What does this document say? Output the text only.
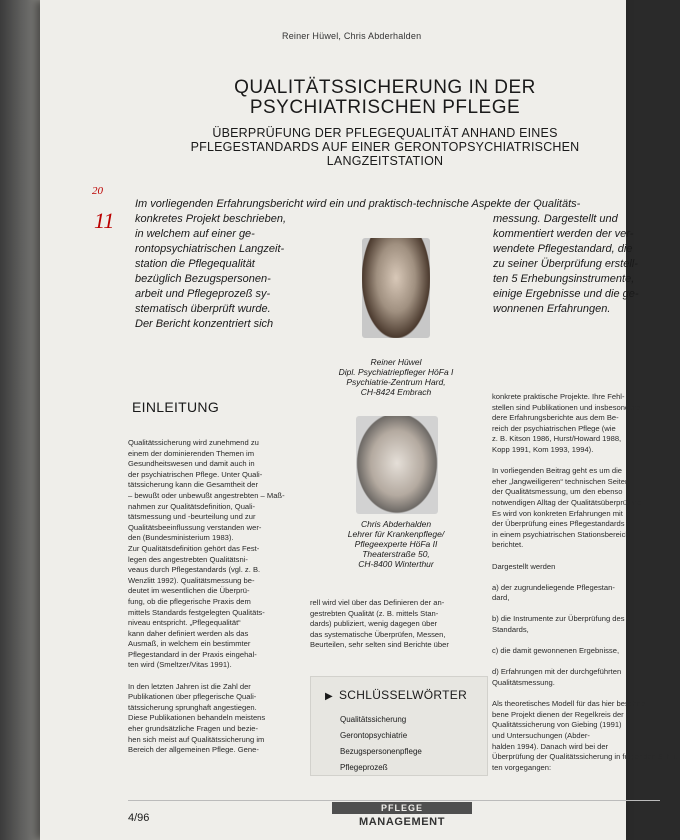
Reiner Hüwel, Chris Abderhalden
QUALITÄTSSICHERUNG IN DER
PSYCHIATRISCHEN PFLEGE
ÜBERPRÜFUNG DER PFLEGEQUALITÄT ANHAND EINES
PFLEGESTANDARDS AUF EINER GERONTOPSYCHIATRISCHEN
LANGZEITSTATION
20
11
Im vorliegenden Erfahrungsbericht wird ein und praktisch-technische Aspekte der Qualitäts-
konkretes Projekt beschrieben,
in welchem auf einer ge-
rontopsychiatrischen Langzeit-
station die Pflegequalität
bezüglich Bezugspersonen-
arbeit und Pflegeprozeß sy-
stematisch überprüft wurde.
Der Bericht konzentriert sich
messung. Dargestellt und
kommentiert werden der ver-
wendete Pflegestandard, die
zu seiner Überprüfung erstell-
ten 5 Erhebungsinstrumente,
einige Ergebnisse und die ge-
wonnenen Erfahrungen.
Reiner Hüwel
Dipl. Psychiatriepfleger HöFa I
Psychiatrie-Zentrum Hard,
CH-8424 Embrach
Chris Abderhalden
Lehrer für Krankenpflege/
Pflegeexperte HöFa II
Theaterstraße 50,
CH-8400 Winterthur
EINLEITUNG
Qualitätssicherung wird zunehmend zu
einem der dominierenden Themen im
Gesundheitswesen und damit auch in
der psychiatrischen Pflege. Unter Quali-
tätssicherung kann die Gesamtheit der
– bewußt oder unbewußt angestrebten – Maß-
nahmen zur Qualitätsdefinition, Quali-
tätsmessung und -beurteilung und zur
Qualitätsbeeinflussung verstanden wer-
den (Bundesministerium 1983).
Zur Qualitätsdefinition gehört das Fest-
legen des angestrebten Qualitätsni-
veaus durch Pflegestandards (vgl. z. B.
Wenzlitt 1992). Qualitätsmessung be-
deutet im wesentlichen die Überprü-
fung, ob die pflegerische Praxis dem
mittels Standards festgelegten Qualitäts-
niveau entspricht. „Pflegequalität“
kann daher definiert werden als das
Ausmaß, in welchem ein bestimmter
Pflegestandard in der Praxis eingehal-
ten wird (Smeltzer/Vitas 1991).

In den letzten Jahren ist die Zahl der
Publikationen über pflegerische Quali-
tätssicherung sprunghaft angestiegen.
Diese Publikationen behandeln meistens
eher grundsätzliche Fragen und bezie-
hen sich meist auf Qualitätssicherung im
Bereich der allgemeinen Pflege. Gene-
rell wird viel über das Definieren der an-
gestrebten Qualität (z. B. mittels Stan-
dards) publiziert, wenig dagegen über
das systematische Überprüfen, Messen,
Beurteilen, sehr selten sind Berichte über
konkrete praktische Projekte. Ihre Fehl-
stellen sind Publikationen und insbesondere
dere Erfahrungsberichte aus dem Be-
reich der psychiatrischen Pflege (wie
z. B. Kitson 1986, Hurst/Howard 1988,
Kopp 1991, Kom 1993, 1994).

In vorliegenden Beitrag geht es um die
eher „langweiligeren“ technischen Seiten
der Qualitätsmessung, um den ebenso
notwendigen Alltag der Qualitätsüberprüfung.
Es wird von konkreten Erfahrungen mit
der Überprüfung eines Pflegestandards
in einem psychiatrischen Stationsbereich
berichtet.

Dargestellt werden

a) der zugrundeliegende Pflegestan-
dard,

b) die Instrumente zur Überprüfung des
Standards,

c) die damit gewonnenen Ergebnisse,

d) Erfahrungen mit der durchgeführten
Qualitätsmessung.

Als theoretisches Modell für das hier beschrie-
bene Projekt dienen der Regelkreis der
Qualitätssicherung von Giebing (1991)
und Untersuchungen (Abder-
halden 1994). Danach wird bei der
Überprüfung der Qualitätssicherung in folgenden Schrit-
ten vorgegangen:
▶ SCHLÜSSELWÖRTER
Qualitätssicherung
Gerontopsychiatrie
Bezugspersonenpflege
Pflegeprozeß
4/96
PFLEGE
MANAGEMENT
